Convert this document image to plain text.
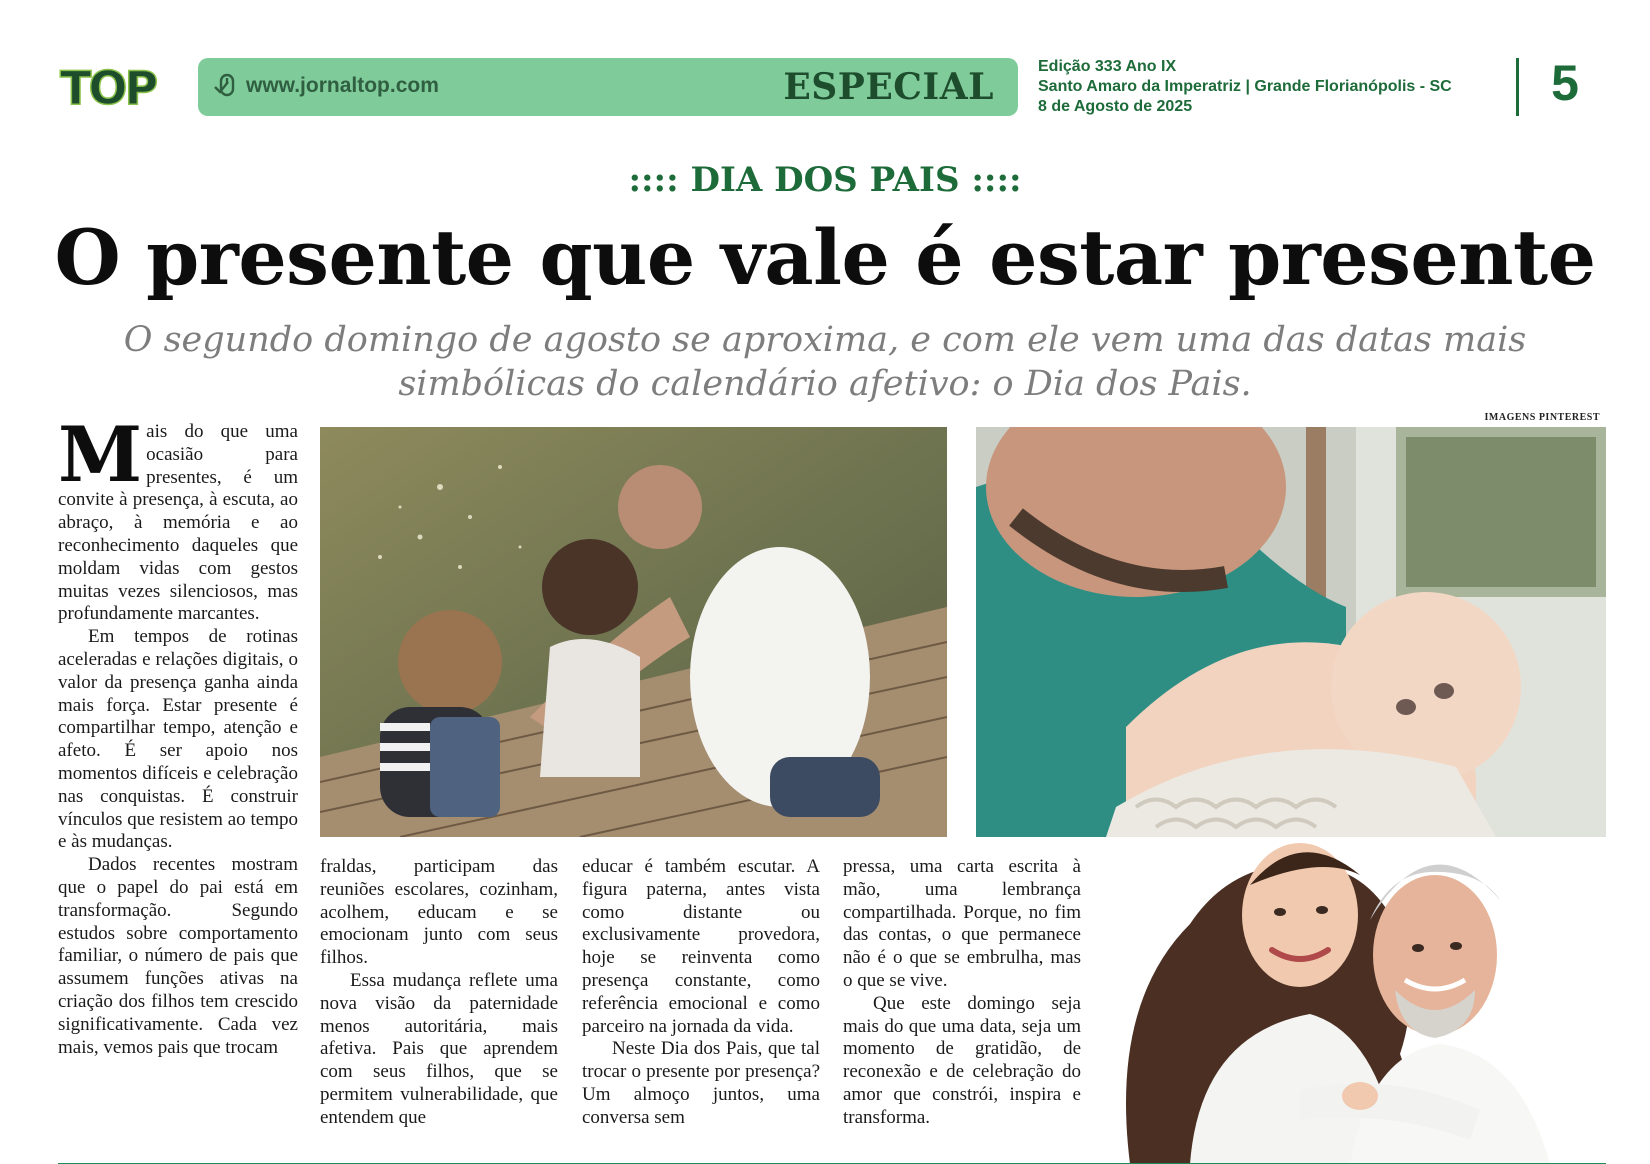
TOP	www.jornaltop.com	ESPECIAL	Edição 333 Ano IX
Santo Amaro da Imperatriz | Grande Florianópolis - SC
8 de Agosto de 2025	5
:::: DIA DOS PAIS ::::
O presente que vale é estar presente
O segundo domingo de agosto se aproxima, e com ele vem uma das datas mais simbólicas do calendário afetivo: o Dia dos Pais.
IMAGENS PINTEREST

Mais do que uma ocasião para presentes, é um convite à presença, à escuta, ao abraço, à memória e ao reconhecimento daqueles que moldam vidas com gestos muitas vezes silenciosos, mas profundamente marcantes.

Em tempos de rotinas aceleradas e relações digitais, o valor da presença ganha ainda mais força. Estar presente é compartilhar tempo, atenção e afeto. É ser apoio nos momentos difíceis e celebração nas conquistas. É construir vínculos que resistem ao tempo e às mudanças.

Dados recentes mostram que o papel do pai está em transformação. Segundo estudos sobre comportamento familiar, o número de pais que assumem funções ativas na criação dos filhos tem crescido significativamente. Cada vez mais, vemos pais que trocam

fraldas, participam das reuniões escolares, cozinham, acolhem, educam e se emocionam junto com seus filhos.

Essa mudança reflete uma nova visão da paternidade menos autoritária, mais afetiva. Pais que aprendem com seus filhos, que se permitem vulnerabilidade, que entendem que

educar é também escutar. A figura paterna, antes vista como distante ou exclusivamente provedora, hoje se reinventa como presença constante, como referência emocional e como parceiro na jornada da vida.

Neste Dia dos Pais, que tal trocar o presente por presença? Um almoço juntos, uma conversa sem

pressa, uma carta escrita à mão, uma lembrança compartilhada. Porque, no fim das contas, o que permanece não é o que se embrulha, mas o que se vive.

Que este domingo seja mais do que uma data, seja um momento de gratidão, de reconexão e de celebração do amor que constrói, inspira e transforma.
